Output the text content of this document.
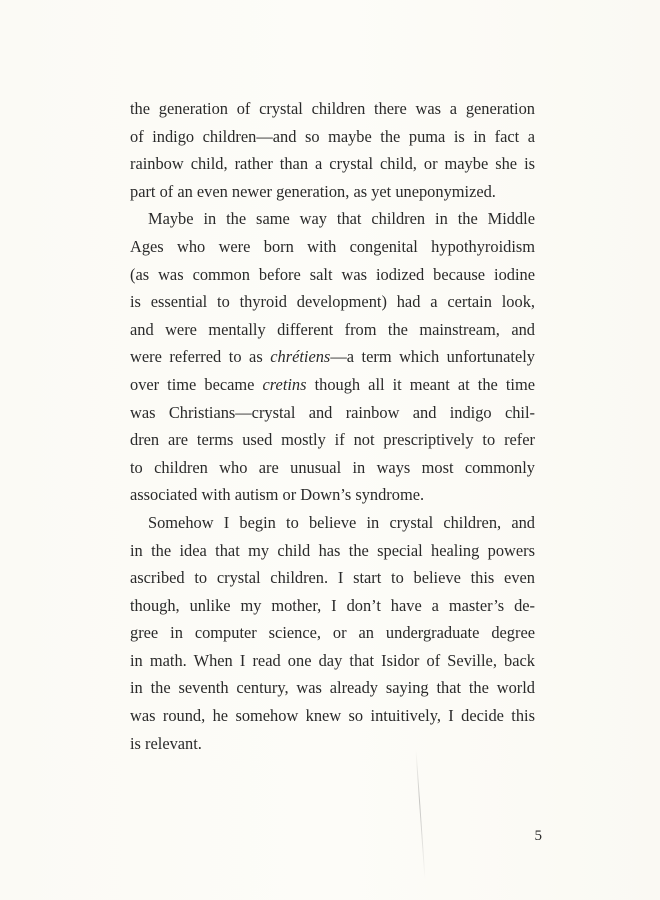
the generation of crystal children there was a generation
of indigo children—and so maybe the puma is in fact a
rainbow child, rather than a crystal child, or maybe she is
part of an even newer generation, as yet uneponymized.
Maybe in the same way that children in the Middle
Ages who were born with congenital hypothyroidism
(as was common before salt was iodized because iodine
is essential to thyroid development) had a certain look,
and were mentally different from the mainstream, and
were referred to as chrétiens—a term which unfortunately
over time became cretins though all it meant at the time
was Christians—crystal and rainbow and indigo chil-
dren are terms used mostly if not prescriptively to refer
to children who are unusual in ways most commonly
associated with autism or Down’s syndrome.
Somehow I begin to believe in crystal children, and
in the idea that my child has the special healing powers
ascribed to crystal children. I start to believe this even
though, unlike my mother, I don’t have a master’s de-
gree in computer science, or an undergraduate degree
in math. When I read one day that Isidor of Seville, back
in the seventh century, was already saying that the world
was round, he somehow knew so intuitively, I decide this
is relevant.
5
